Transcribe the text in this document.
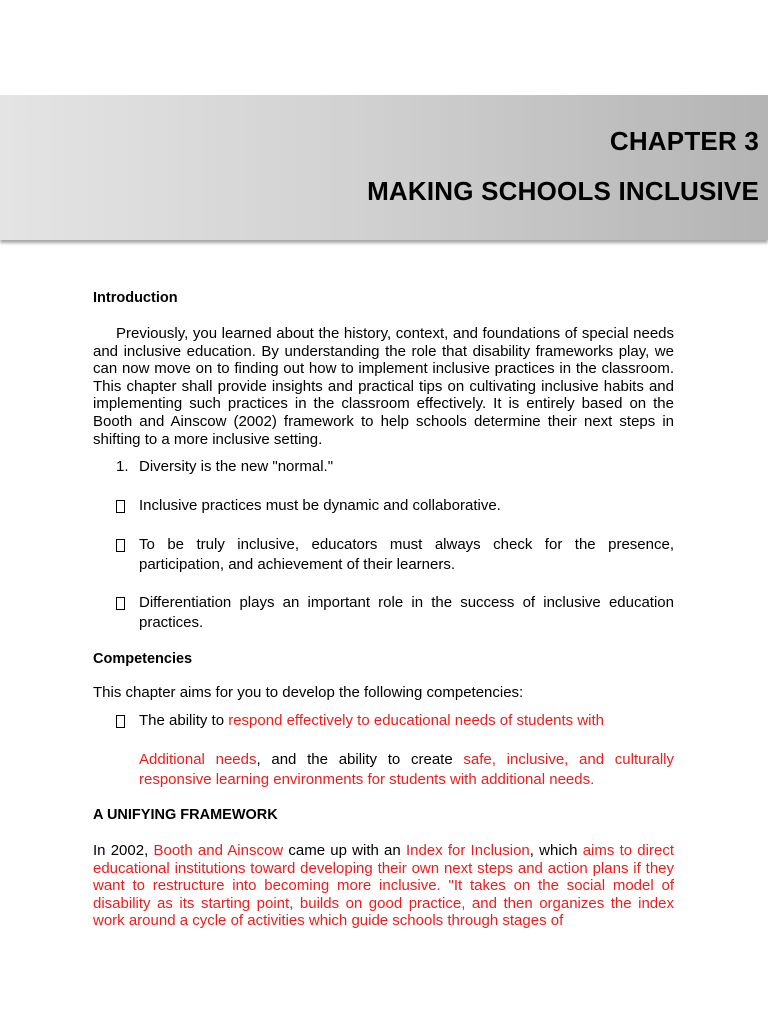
CHAPTER 3
MAKING SCHOOLS INCLUSIVE
Introduction
Previously, you learned about the history, context, and foundations of special needs and inclusive education. By understanding the role that disability frameworks play, we can now move on to finding out how to implement inclusive practices in the classroom. This chapter shall provide insights and practical tips on cultivating inclusive habits and implementing such practices in the classroom effectively. It is entirely based on the Booth and Ainscow (2002) framework to help schools determine their next steps in shifting to a more inclusive setting.
1. Diversity is the new "normal."
Inclusive practices must be dynamic and collaborative.
To be truly inclusive, educators must always check for the presence, participation, and achievement of their learners.
Differentiation plays an important role in the success of inclusive education practices.
Competencies
This chapter aims for you to develop the following competencies:
The ability to respond effectively to educational needs of students with
Additional needs, and the ability to create safe, inclusive, and culturally responsive learning environments for students with additional needs.
A UNIFYING FRAMEWORK
In 2002, Booth and Ainscow came up with an Index for Inclusion, which aims to direct educational institutions toward developing their own next steps and action plans if they want to restructure into becoming more inclusive. "It takes on the social model of disability as its starting point, builds on good practice, and then organizes the index work around a cycle of activities which guide schools through stages of
